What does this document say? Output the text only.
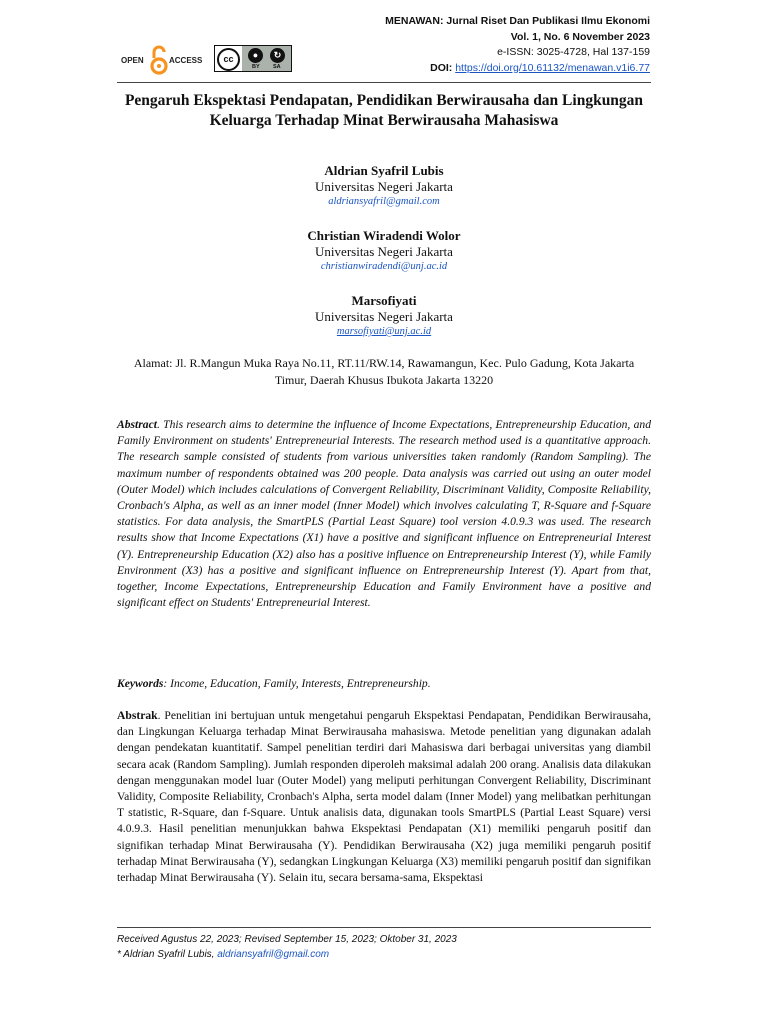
MENAWAN: Jurnal Riset Dan Publikasi Ilmu Ekonomi
Vol. 1, No. 6 November 2023
e-ISSN: 3025-4728, Hal 137-159
DOI: https://doi.org/10.61132/menawan.v1i6.77
OPEN	ACCESS	cc	●	↻
BY SA
Pengaruh Ekspektasi Pendapatan, Pendidikan Berwirausaha dan Lingkungan Keluarga Terhadap Minat Berwirausaha Mahasiswa
Aldrian Syafril Lubis
Universitas Negeri Jakarta
aldriansyafril@gmail.com
Christian Wiradendi Wolor
Universitas Negeri Jakarta
christianwiradendi@unj.ac.id
Marsofiyati
Universitas Negeri Jakarta
marsofiyati@unj.ac.id
Alamat: Jl. R.Mangun Muka Raya No.11, RT.11/RW.14, Rawamangun, Kec. Pulo Gadung, Kota Jakarta Timur, Daerah Khusus Ibukota Jakarta 13220
Abstract. This research aims to determine the influence of Income Expectations, Entrepreneurship Education, and Family Environment on students' Entrepreneurial Interests. The research method used is a quantitative approach. The research sample consisted of students from various universities taken randomly (Random Sampling). The maximum number of respondents obtained was 200 people. Data analysis was carried out using an outer model (Outer Model) which includes calculations of Convergent Reliability, Discriminant Validity, Composite Reliability, Cronbach's Alpha, as well as an inner model (Inner Model) which involves calculating T, R-Square and f-Square statistics. For data analysis, the SmartPLS (Partial Least Square) tool version 4.0.9.3 was used. The research results show that Income Expectations (X1) have a positive and significant influence on Entrepreneurial Interest (Y). Entrepreneurship Education (X2) also has a positive influence on Entrepreneurship Interest (Y), while Family Environment (X3) has a positive and significant influence on Entrepreneurship Interest (Y). Apart from that, together, Income Expectations, Entrepreneurship Education and Family Environment have a positive and significant effect on Students' Entrepreneurial Interest.
Keywords: Income, Education, Family, Interests, Entrepreneurship.
Abstrak. Penelitian ini bertujuan untuk mengetahui pengaruh Ekspektasi Pendapatan, Pendidikan Berwirausaha, dan Lingkungan Keluarga terhadap Minat Berwirausaha mahasiswa. Metode penelitian yang digunakan adalah dengan pendekatan kuantitatif. Sampel penelitian terdiri dari Mahasiswa dari berbagai universitas yang diambil secara acak (Random Sampling). Jumlah responden diperoleh maksimal adalah 200 orang. Analisis data dilakukan dengan menggunakan model luar (Outer Model) yang meliputi perhitungan Convergent Reliability, Discriminant Validity, Composite Reliability, Cronbach's Alpha, serta model dalam (Inner Model) yang melibatkan perhitungan T statistic, R-Square, dan f-Square. Untuk analisis data, digunakan tools SmartPLS (Partial Least Square) versi 4.0.9.3. Hasil penelitian menunjukkan bahwa Ekspektasi Pendapatan (X1) memiliki pengaruh positif dan signifikan terhadap Minat Berwirausaha (Y). Pendidikan Berwirausaha (X2) juga memiliki pengaruh positif terhadap Minat Berwirausaha (Y), sedangkan Lingkungan Keluarga (X3) memiliki pengaruh positif dan signifikan terhadap Minat Berwirausaha (Y). Selain itu, secara bersama-sama, Ekspektasi
Received Agustus 22, 2023; Revised September 15, 2023; Oktober 31, 2023
* Aldrian Syafril Lubis, aldriansyafril@gmail.com
